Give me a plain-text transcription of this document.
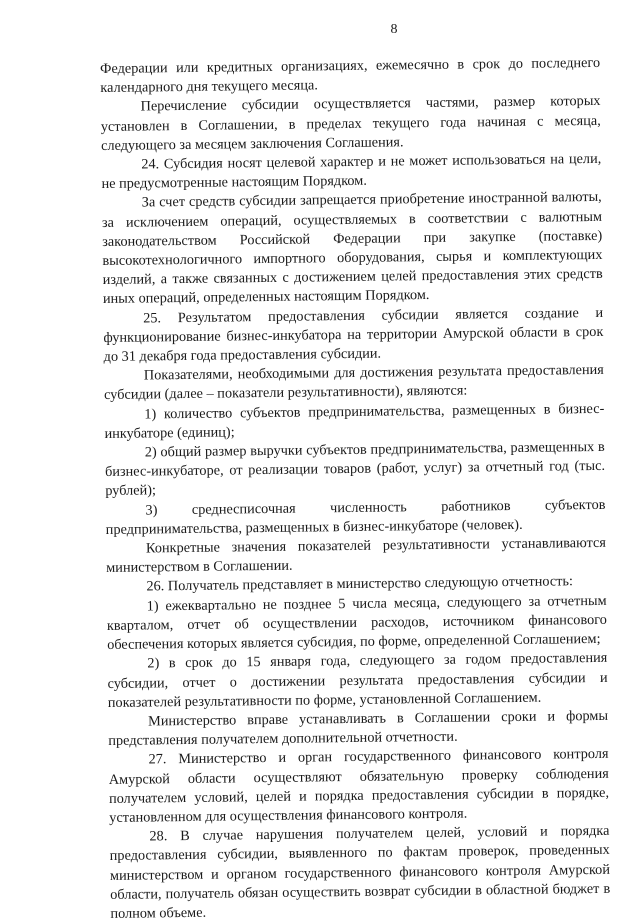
8

Федерации или кредитных организациях, ежемесячно в срок до последнего календарного дня текущего месяца.

Перечисление субсидии осуществляется частями, размер которых установлен в Соглашении, в пределах текущего года начиная с месяца, следующего за месяцем заключения Соглашения.

24. Субсидия носят целевой характер и не может использоваться на цели, не предусмотренные настоящим Порядком.

За счет средств субсидии запрещается приобретение иностранной валюты, за исключением операций, осуществляемых в соответствии с валютным законодательством Российской Федерации при закупке (поставке) высокотехнологичного импортного оборудования, сырья и комплектующих изделий, а также связанных с достижением целей предоставления этих средств иных операций, определенных настоящим Порядком.

25. Результатом предоставления субсидии является создание и функционирование бизнес-инкубатора на территории Амурской области в срок до 31 декабря года предоставления субсидии.

Показателями, необходимыми для достижения результата предоставления субсидии (далее – показатели результативности), являются:

1) количество субъектов предпринимательства, размещенных в бизнес-инкубаторе (единиц);

2) общий размер выручки субъектов предпринимательства, размещенных в бизнес-инкубаторе, от реализации товаров (работ, услуг) за отчетный год (тыс. рублей);

3) среднесписочная численность работников субъектов предпринимательства, размещенных в бизнес-инкубаторе (человек).

Конкретные значения показателей результативности устанавливаются министерством в Соглашении.

26. Получатель представляет в министерство следующую отчетность:

1) ежеквартально не позднее 5 числа месяца, следующего за отчетным кварталом, отчет об осуществлении расходов, источником финансового обеспечения которых является субсидия, по форме, определенной Соглашением;

2) в срок до 15 января года, следующего за годом предоставления субсидии, отчет о достижении результата предоставления субсидии и показателей результативности по форме, установленной Соглашением.

Министерство вправе устанавливать в Соглашении сроки и формы представления получателем дополнительной отчетности.

27. Министерство и орган государственного финансового контроля Амурской области осуществляют обязательную проверку соблюдения получателем условий, целей и порядка предоставления субсидии в порядке, установленном для осуществления финансового контроля.

28. В случае нарушения получателем целей, условий и порядка предоставления субсидии, выявленного по фактам проверок, проведенных министерством и органом государственного финансового контроля Амурской области, получатель обязан осуществить возврат субсидии в областной бюджет в полном объеме.
